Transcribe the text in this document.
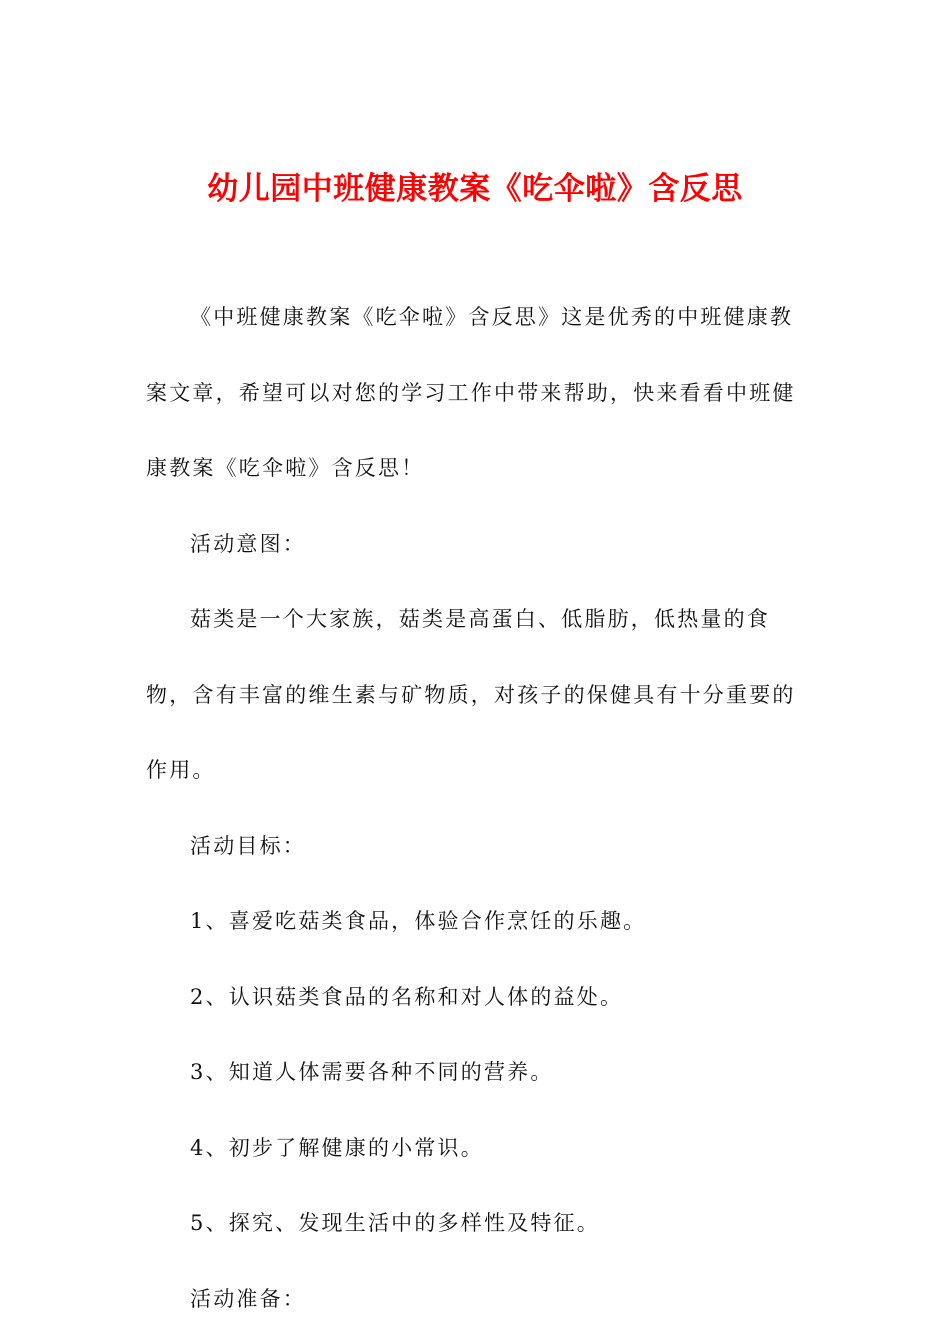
幼儿园中班健康教案《吃伞啦》含反思

《中班健康教案《吃伞啦》含反思》这是优秀的中班健康教案文章，希望可以对您的学习工作中带来帮助，快来看看中班健康教案《吃伞啦》含反思！

活动意图：

菇类是一个大家族，菇类是高蛋白、低脂肪，低热量的食物，含有丰富的维生素与矿物质，对孩子的保健具有十分重要的作用。

活动目标：

1、喜爱吃菇类食品，体验合作烹饪的乐趣。

2、认识菇类食品的名称和对人体的益处。

3、知道人体需要各种不同的营养。

4、初步了解健康的小常识。

5、探究、发现生活中的多样性及特征。

活动准备：
